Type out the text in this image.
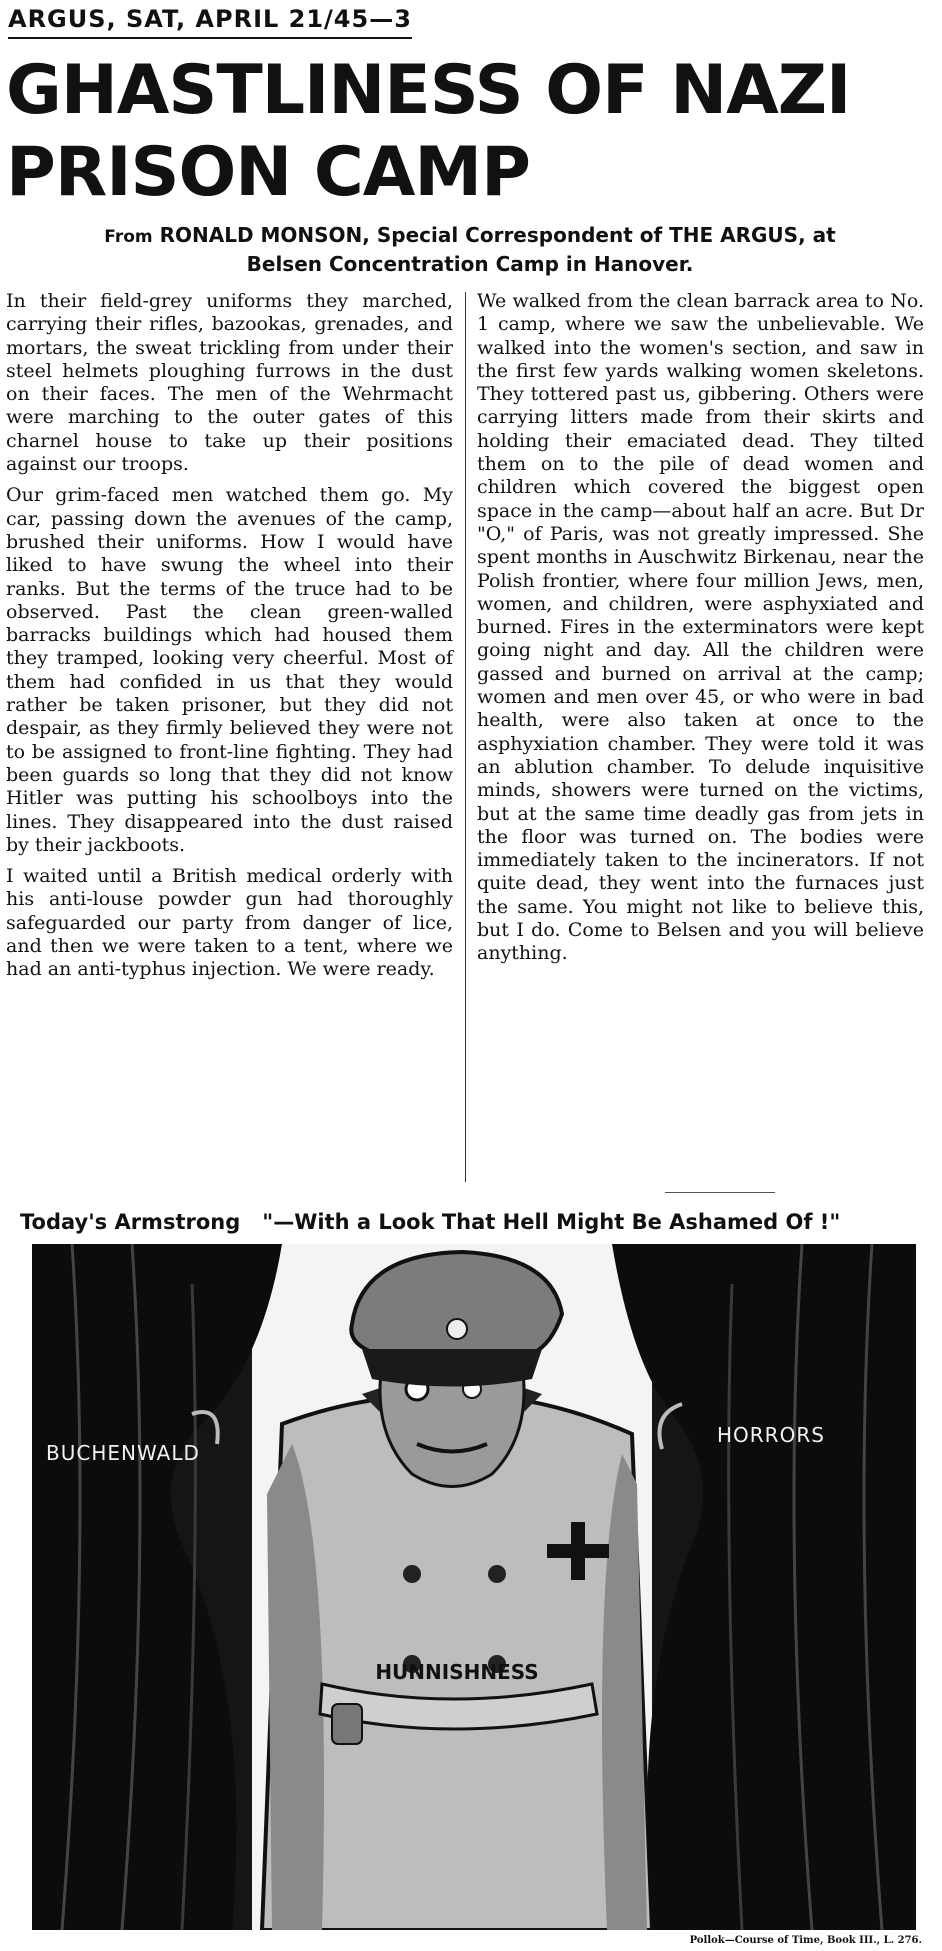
ARGUS, SAT, APRIL 21/45—3
GHASTLINESS OF NAZI
PRISON CAMP
From RONALD MONSON, Special Correspondent of THE ARGUS, at
Belsen Concentration Camp in Hanover.

In their field-grey uniforms they marched, carrying their rifles, bazookas, grenades, and mortars, the sweat trickling from under their steel helmets ploughing furrows in the dust on their faces. The men of the Wehrmacht were marching to the outer gates of this charnel house to take up their positions against our troops.

Our grim-faced men watched them go. My car, passing down the avenues of the camp, brushed their uniforms. How I would have liked to have swung the wheel into their ranks. But the terms of the truce had to be observed. Past the clean green-walled barracks buildings which had housed them they tramped, looking very cheerful. Most of them had confided in us that they would rather be taken prisoner, but they did not despair, as they firmly believed they were not to be assigned to front-line fighting. They had been guards so long that they did not know Hitler was putting his schoolboys into the lines. They disappeared into the dust raised by their jackboots.

I waited until a British medical orderly with his anti-louse powder gun had thoroughly safeguarded our party from danger of lice, and then we were taken to a tent, where we had an anti-typhus injection. We were ready.

We walked from the clean barrack area to No. 1 camp, where we saw the unbelievable. We walked into the women's section, and saw in the first few yards walking women skeletons. They tottered past us, gibbering. Others were carrying litters made from their skirts and holding their emaciated dead. They tilted them on to the pile of dead women and children which covered the biggest open space in the camp—about half an acre. But Dr "O," of Paris, was not greatly impressed. She spent months in Auschwitz Birkenau, near the Polish frontier, where four million Jews, men, women, and children, were asphyxiated and burned. Fires in the exterminators were kept going night and day. All the children were gassed and burned on arrival at the camp; women and men over 45, or who were in bad health, were also taken at once to the asphyxiation chamber. They were told it was an ablution chamber. To delude inquisitive minds, showers were turned on the victims, but at the same time deadly gas from jets in the floor was turned on. The bodies were immediately taken to the incinerators. If not quite dead, they went into the furnaces just the same. You might not like to believe this, but I do. Come to Belsen and you will believe anything.

Today's Armstrong "—With a Look That Hell Might Be Ashamed Of !"
HUNNISHNESS
BUCHENWALD
HORRORS
Pollok—Course of Time, Book III., L. 276.
